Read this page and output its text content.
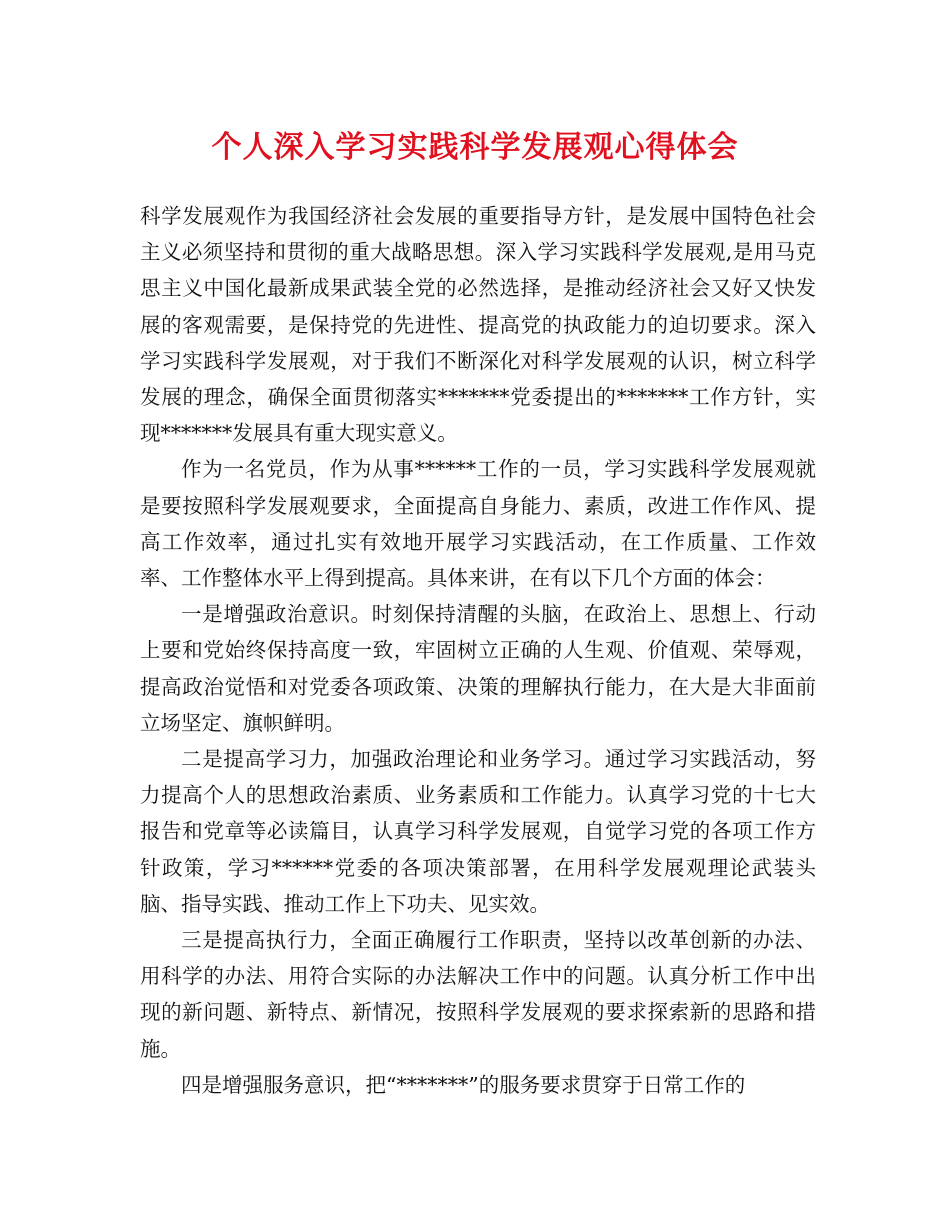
个人深入学习实践科学发展观心得体会

科学发展观作为我国经济社会发展的重要指导方针，是发展中国特色社会主义必须坚持和贯彻的重大战略思想。深入学习实践科学发展观,是用马克思主义中国化最新成果武装全党的必然选择，是推动经济社会又好又快发展的客观需要，是保持党的先进性、提高党的执政能力的迫切要求。深入学习实践科学发展观，对于我们不断深化对科学发展观的认识，树立科学发展的理念，确保全面贯彻落实*******党委提出的*******工作方针，实现*******发展具有重大现实意义。

作为一名党员，作为从事******工作的一员，学习实践科学发展观就是要按照科学发展观要求，全面提高自身能力、素质，改进工作作风、提高工作效率，通过扎实有效地开展学习实践活动，在工作质量、工作效率、工作整体水平上得到提高。具体来讲，在有以下几个方面的体会：

一是增强政治意识。时刻保持清醒的头脑，在政治上、思想上、行动上要和党始终保持高度一致，牢固树立正确的人生观、价值观、荣辱观，提高政治觉悟和对党委各项政策、决策的理解执行能力，在大是大非面前立场坚定、旗帜鲜明。

二是提高学习力，加强政治理论和业务学习。通过学习实践活动，努力提高个人的思想政治素质、业务素质和工作能力。认真学习党的十七大报告和党章等必读篇目，认真学习科学发展观，自觉学习党的各项工作方针政策，学习******党委的各项决策部署，在用科学发展观理论武装头脑、指导实践、推动工作上下功夫、见实效。

三是提高执行力，全面正确履行工作职责，坚持以改革创新的办法、用科学的办法、用符合实际的办法解决工作中的问题。认真分析工作中出现的新问题、新特点、新情况，按照科学发展观的要求探索新的思路和措施。

四是增强服务意识，把“*******”的服务要求贯穿于日常工作的
